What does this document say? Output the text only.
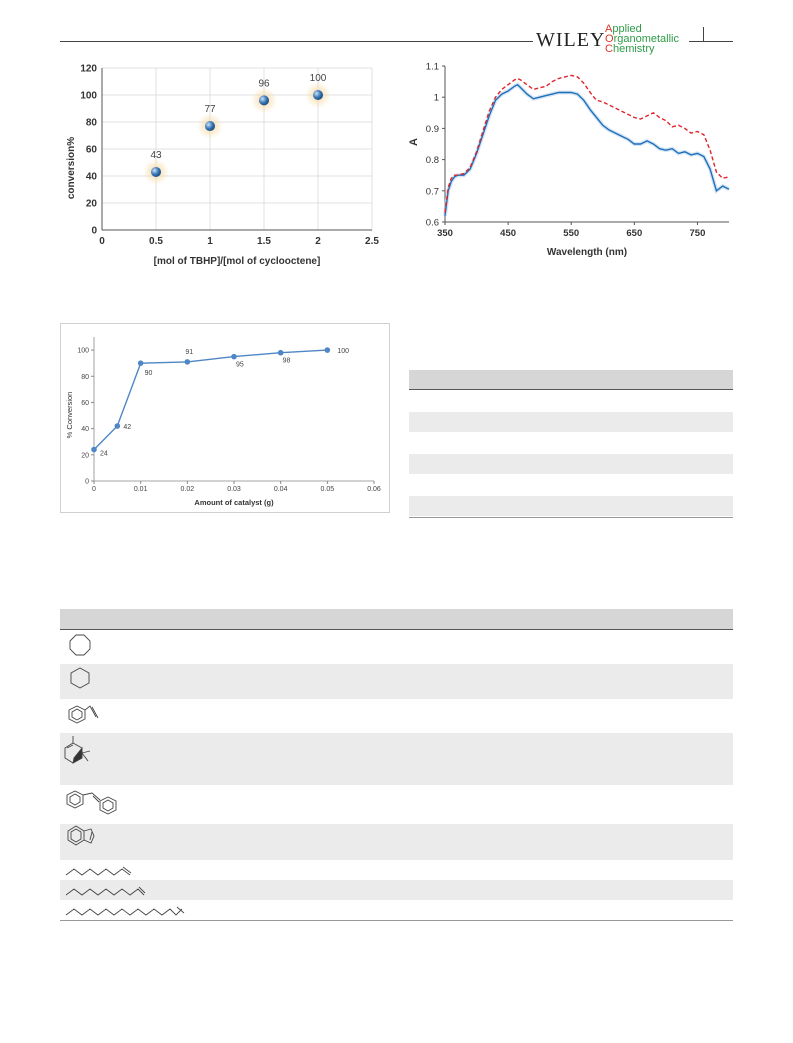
WILEY Applied
Organometallic
Chemistry
0
20
40
60
80
100
120
0	0.5	1	1.5	2	2.5
43
77
96	100
[mol of TBHP]/[mol of cyclooctene]
conversion%
0.6
0.7
0.8
0.9
1
1.1
350	450	550	650	750
Wavelength (nm)
A
0
20
40
60
80
100
0	0.01	0.02	0.03	0.04	0.05	0.06
24
42
90
91
95
98
100
Amount of catalyst (g)
% Conversion
